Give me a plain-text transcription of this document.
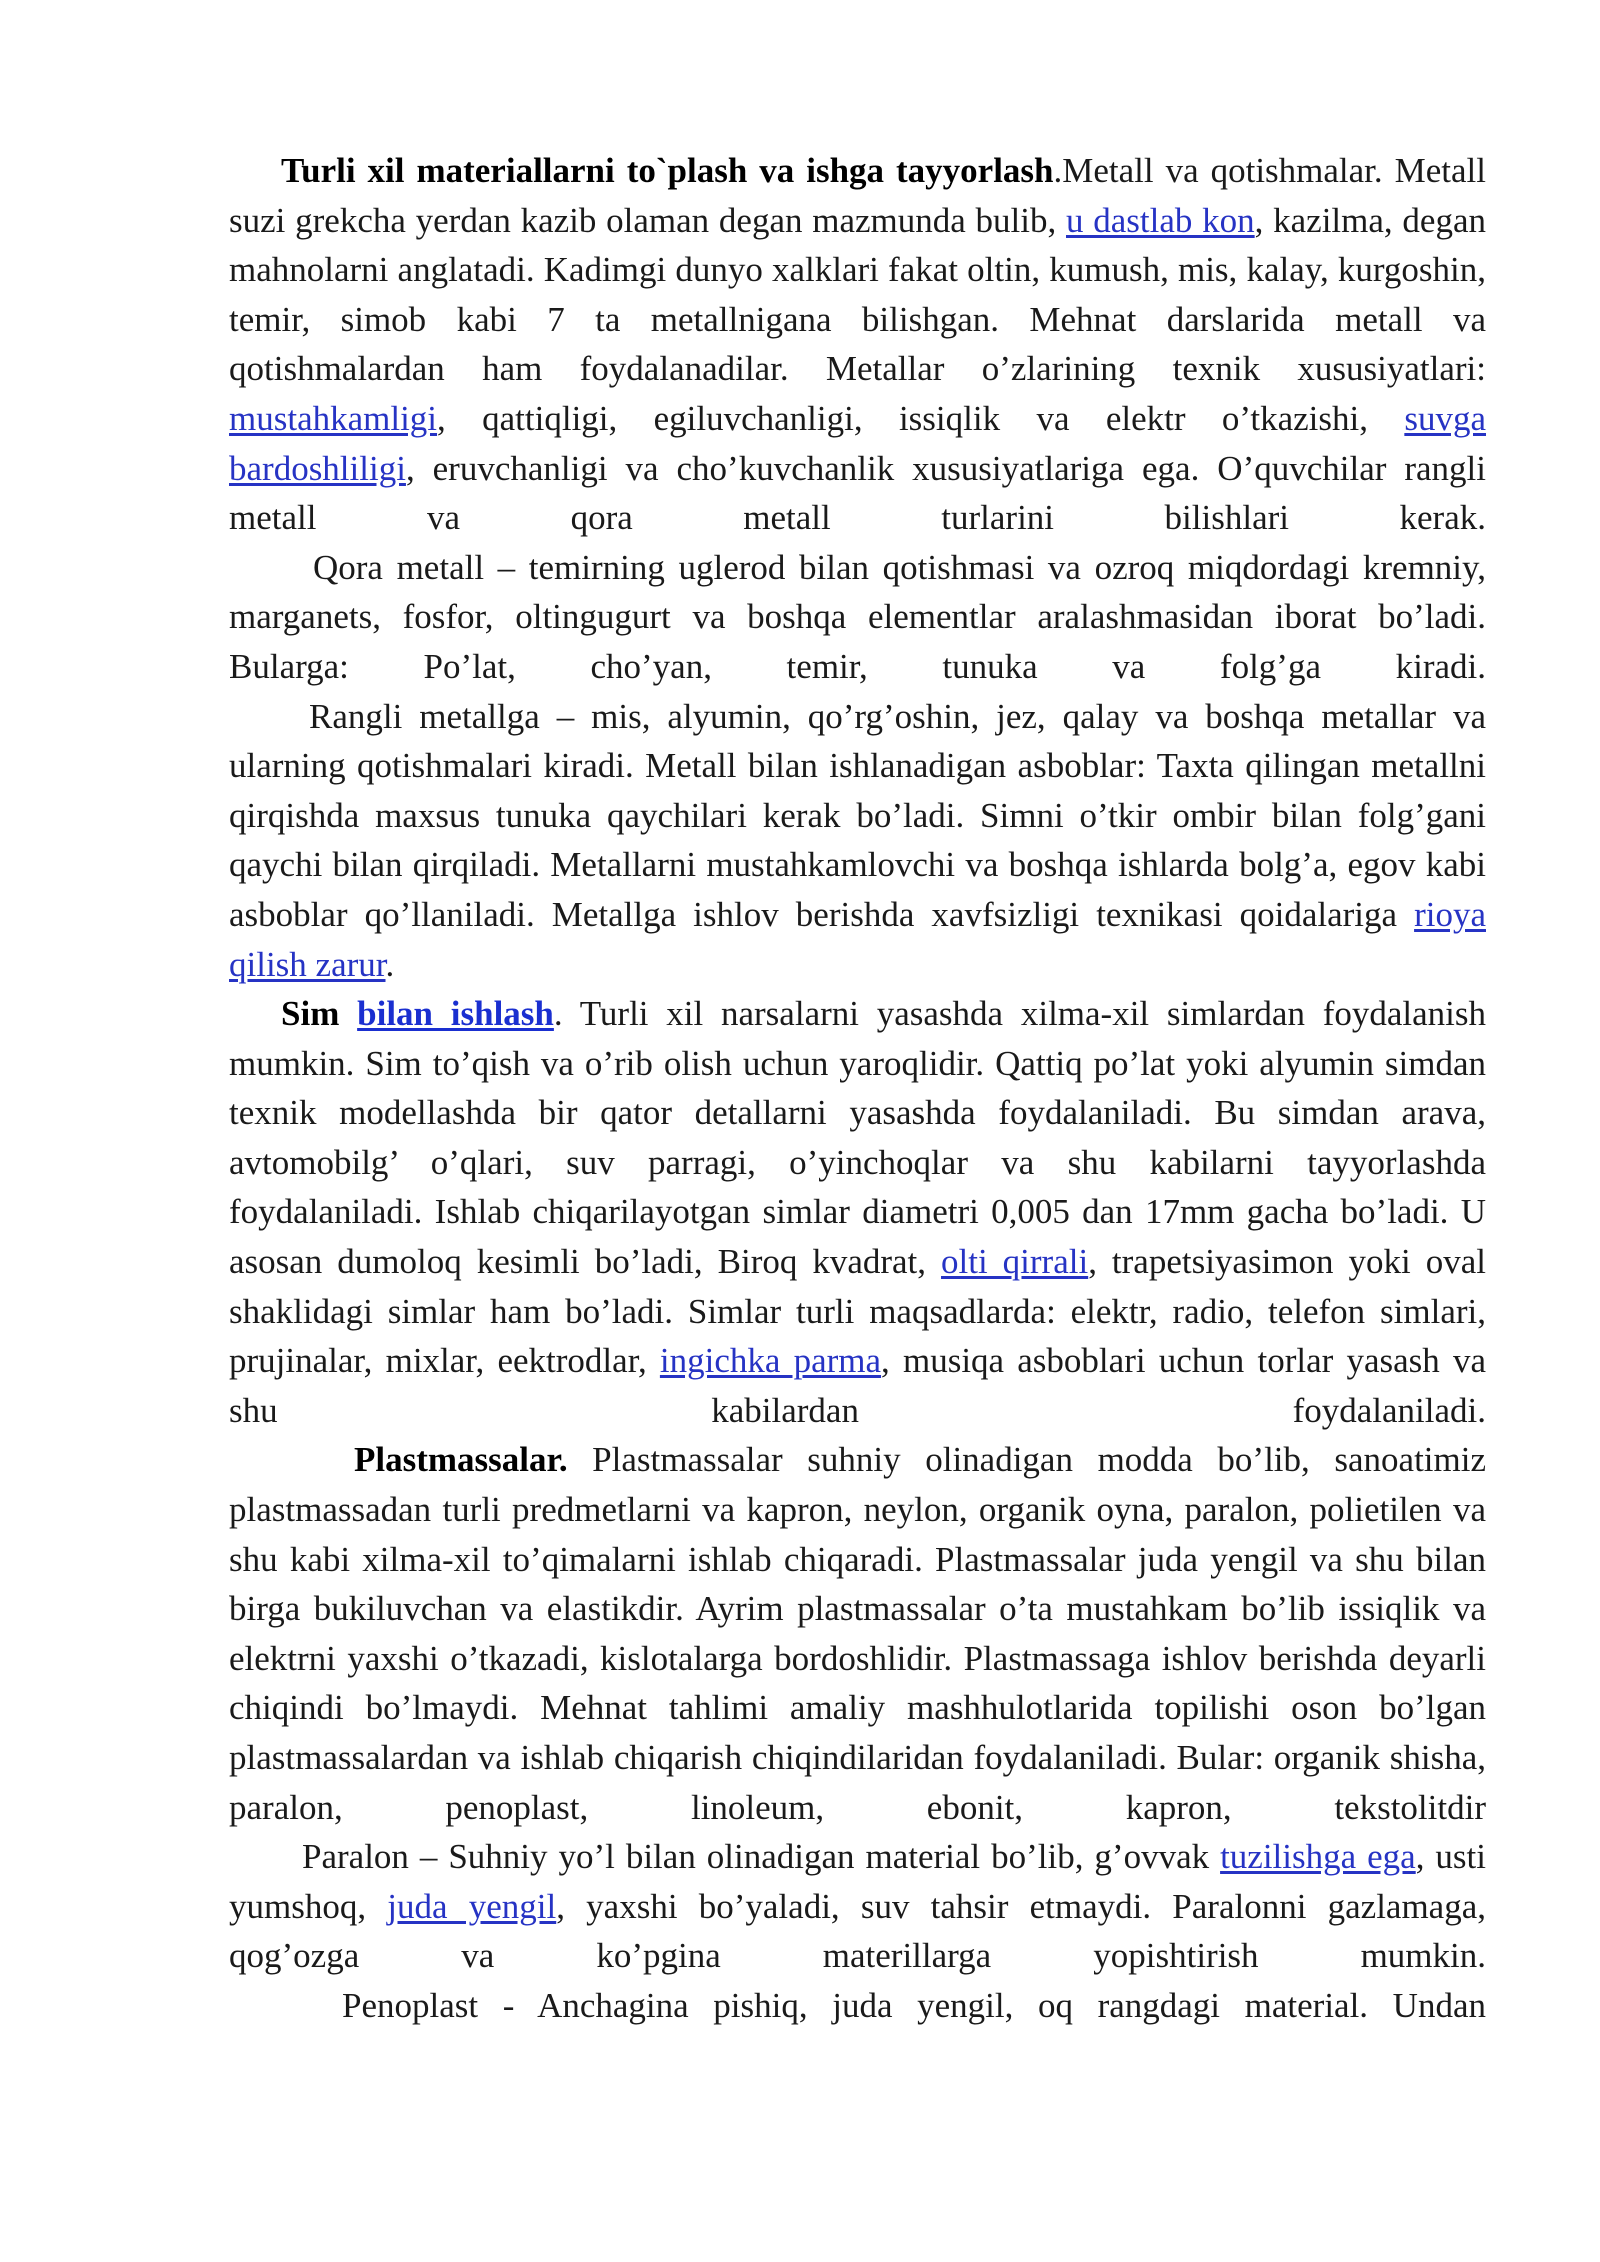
Turli xil materiallarni to`plash va ishga tayyorlash.Metall va qotishmalar. Metall suzi grekcha yerdan kazib olaman degan mazmunda bulib, u dastlab kon, kazilma, degan mahnolarni anglatadi. Kadimgi dunyo xalklari fakat oltin, kumush, mis, kalay, kurgoshin, temir, simob kabi 7 ta metallnigana bilishgan. Mehnat darslarida metall va qotishmalardan ham foydalanadilar. Metallar o’zlarining texnik xususiyatlari: mustahkamligi, qattiqligi, egiluvchanligi, issiqlik va elektr o’tkazishi, suvga bardoshliligi, eruvchanligi va cho’kuvchanlik xususiyatlariga ega. O’quvchilar rangli metall va qora metall turlarini bilishlari kerak.

Qora metall – temirning uglerod bilan qotishmasi va ozroq miqdordagi kremniy, marganets, fosfor, oltingugurt va boshqa elementlar aralashmasidan iborat bo’ladi. Bularga: Po’lat, cho’yan, temir, tunuka va folg’ga kiradi.

Rangli metallga – mis, alyumin, qo’rg’oshin, jez, qalay va boshqa metallar va ularning qotishmalari kiradi. Metall bilan ishlanadigan asboblar: Taxta qilingan metallni qirqishda maxsus tunuka qaychilari kerak bo’ladi. Simni o’tkir ombir bilan folg’gani qaychi bilan qirqiladi. Metallarni mustahkamlovchi va boshqa ishlarda bolg’a, egov kabi asboblar qo’llaniladi. Metallga ishlov berishda xavfsizligi texnikasi qoidalariga rioya qilish zarur.

Sim bilan ishlash. Turli xil narsalarni yasashda xilma-xil simlardan foydalanish mumkin. Sim to’qish va o’rib olish uchun yaroqlidir. Qattiq po’lat yoki alyumin simdan texnik modellashda bir qator detallarni yasashda foydalaniladi. Bu simdan arava, avtomobilg’ o’qlari, suv parragi, o’yinchoqlar va shu kabilarni tayyorlashda foydalaniladi. Ishlab chiqarilayotgan simlar diametri 0,005 dan 17mm gacha bo’ladi. U asosan dumoloq kesimli bo’ladi, Biroq kvadrat, olti qirrali, trapetsiyasimon yoki oval shaklidagi simlar ham bo’ladi. Simlar turli maqsadlarda: elektr, radio, telefon simlari, prujinalar, mixlar, eektrodlar, ingichka parma, musiqa asboblari uchun torlar yasash va shu kabilardan foydalaniladi.

Plastmassalar. Plastmassalar suhniy olinadigan modda bo’lib, sanoatimiz plastmassadan turli predmetlarni va kapron, neylon, organik oyna, paralon, polietilen va shu kabi xilma-xil to’qimalarni ishlab chiqaradi. Plastmassalar juda yengil va shu bilan birga bukiluvchan va elastikdir. Ayrim plastmassalar o’ta mustahkam bo’lib issiqlik va elektrni yaxshi o’tkazadi, kislotalarga bordoshlidir. Plastmassaga ishlov berishda deyarli chiqindi bo’lmaydi. Mehnat tahlimi amaliy mashhulotlarida topilishi oson bo’lgan plastmassalardan va ishlab chiqarish chiqindilaridan foydalaniladi. Bular: organik shisha, paralon, penoplast, linoleum, ebonit, kapron, tekstolitdir

Paralon – Suhniy yo’l bilan olinadigan material bo’lib, g’ovvak tuzilishga ega, usti yumshoq, juda yengil, yaxshi bo’yaladi, suv tahsir etmaydi. Paralonni gazlamaga, qog’ozga va ko’pgina materillarga yopishtirish mumkin.

Penoplast - Anchagina pishiq, juda yengil, oq rangdagi material. Undan
